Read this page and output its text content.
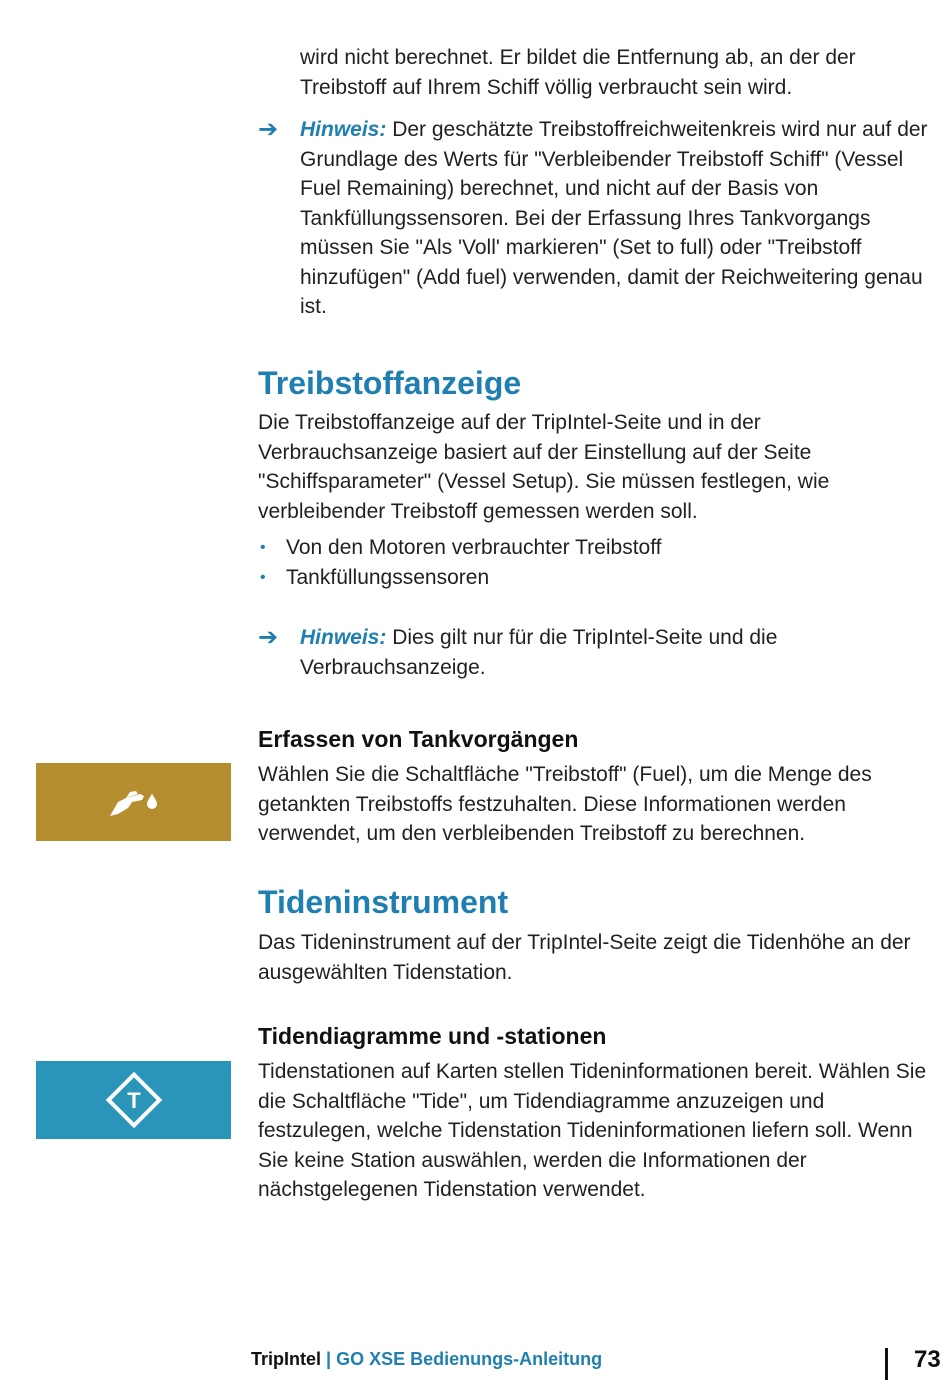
wird nicht berechnet. Er bildet die Entfernung ab, an der der Treibstoff auf Ihrem Schiff völlig verbraucht sein wird.

➔ Hinweis: Der geschätzte Treibstoffreichweitenkreis wird nur auf der Grundlage des Werts für "Verbleibender Treibstoff Schiff" (Vessel Fuel Remaining) berechnet, und nicht auf der Basis von Tankfüllungssensoren. Bei der Erfassung Ihres Tankvorgangs müssen Sie "Als 'Voll' markieren" (Set to full) oder "Treibstoff hinzufügen" (Add fuel) verwenden, damit der Reichweitering genau ist.
Treibstoffanzeige

Die Treibstoffanzeige auf der TripIntel-Seite und in der Verbrauchsanzeige basiert auf der Einstellung auf der Seite "Schiffsparameter" (Vessel Setup). Sie müssen festlegen, wie verbleibender Treibstoff gemessen werden soll.

• Von den Motoren verbrauchter Treibstoff
• Tankfüllungssensoren
➔ Hinweis: Dies gilt nur für die TripIntel-Seite und die Verbrauchsanzeige.
Erfassen von Tankvorgängen

Wählen Sie die Schaltfläche "Treibstoff" (Fuel), um die Menge des getankten Treibstoffs festzuhalten. Diese Informationen werden verwendet, um den verbleibenden Treibstoff zu berechnen.

Tideninstrument

Das Tideninstrument auf der TripIntel-Seite zeigt die Tidenhöhe an der ausgewählten Tidenstation.

Tidendiagramme und -stationen
T

Tidenstationen auf Karten stellen Tideninformationen bereit. Wählen Sie die Schaltfläche "Tide", um Tidendiagramme anzuzeigen und festzulegen, welche Tidenstation Tideninformationen liefern soll. Wenn Sie keine Station auswählen, werden die Informationen der nächstgelegenen Tidenstation verwendet.

TripIntel | GO XSE Bedienungs-Anleitung	73
